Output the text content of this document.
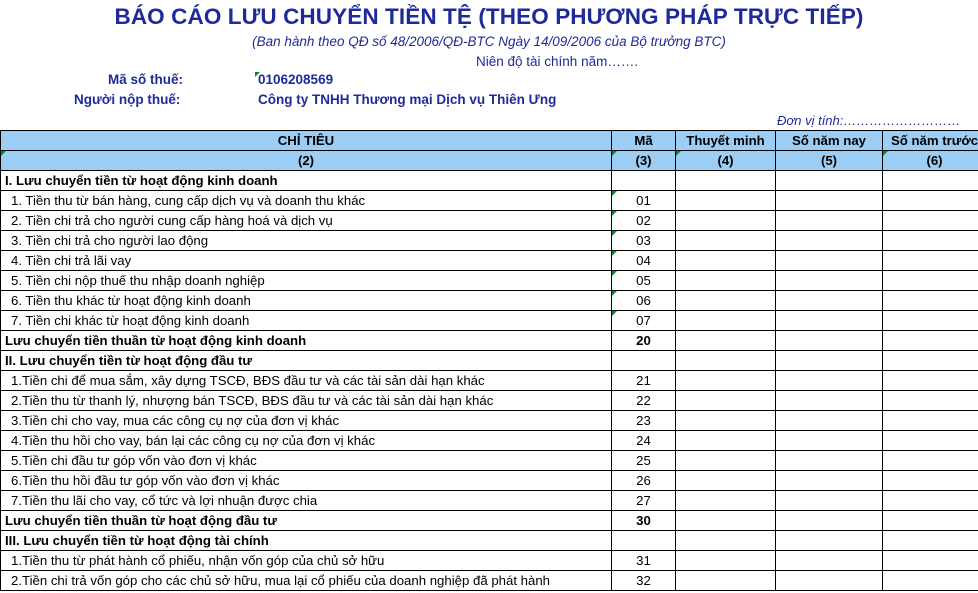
BÁO CÁO LƯU CHUYỂN TIỀN TỆ (THEO PHƯƠNG PHÁP TRỰC TIẾP)
(Ban hành theo QĐ số 48/2006/QĐ-BTC Ngày 14/09/2006 của Bộ trưởng BTC)
Niên độ tài chính năm…….
Mã số thuế:	0106208569
Người nộp thuế:	Công ty TNHH Thương mại Dịch vụ Thiên Ưng
Đơn vị tính:………………………
CHỈ TIÊU	Mã	Thuyết minh	Số năm nay	Số năm trước

(2)	(3)	(4)	(5)	(6)
I. Lưu chuyển tiền từ hoạt động kinh doanh				
1. Tiền thu từ bán hàng, cung cấp dịch vụ và doanh thu khác	01			
2. Tiền chi trả cho người cung cấp hàng hoá và dịch vụ	02			
3. Tiền chi trả cho người lao động	03			
4. Tiền chi trả lãi vay	04			
5. Tiền chi nộp thuế thu nhập doanh nghiệp	05			
6. Tiền thu khác từ hoạt động kinh doanh	06			
7. Tiền chi khác từ hoạt động kinh doanh	07			
Lưu chuyển tiền thuần từ hoạt động kinh doanh	20			
II. Lưu chuyển tiền từ hoạt động đầu tư				
1.Tiền chi để mua sắm, xây dựng TSCĐ, BĐS đầu tư và các tài sản dài hạn khác	21			
2.Tiền thu từ thanh lý, nhượng bán TSCĐ, BĐS đầu tư và các tài sản dài hạn khác	22			
3.Tiền chi cho vay, mua các công cụ nợ của đơn vị khác	23			
4.Tiền thu hồi cho vay, bán lại các công cụ nợ của đơn vị khác	24			
5.Tiền chi đầu tư góp vốn vào đơn vị khác	25			
6.Tiền thu hồi đầu tư góp vốn vào đơn vị khác	26			
7.Tiền thu lãi cho vay, cổ tức và lợi nhuận được chia	27			
Lưu chuyển tiền thuần từ hoạt động đầu tư	30			
III. Lưu chuyển tiền từ hoạt động tài chính				
1.Tiền thu từ phát hành cổ phiếu, nhận vốn góp của chủ sở hữu	31			
2.Tiền chi trả vốn góp cho các chủ sở hữu, mua lại cổ phiếu của doanh nghiệp đã phát hành	32			
